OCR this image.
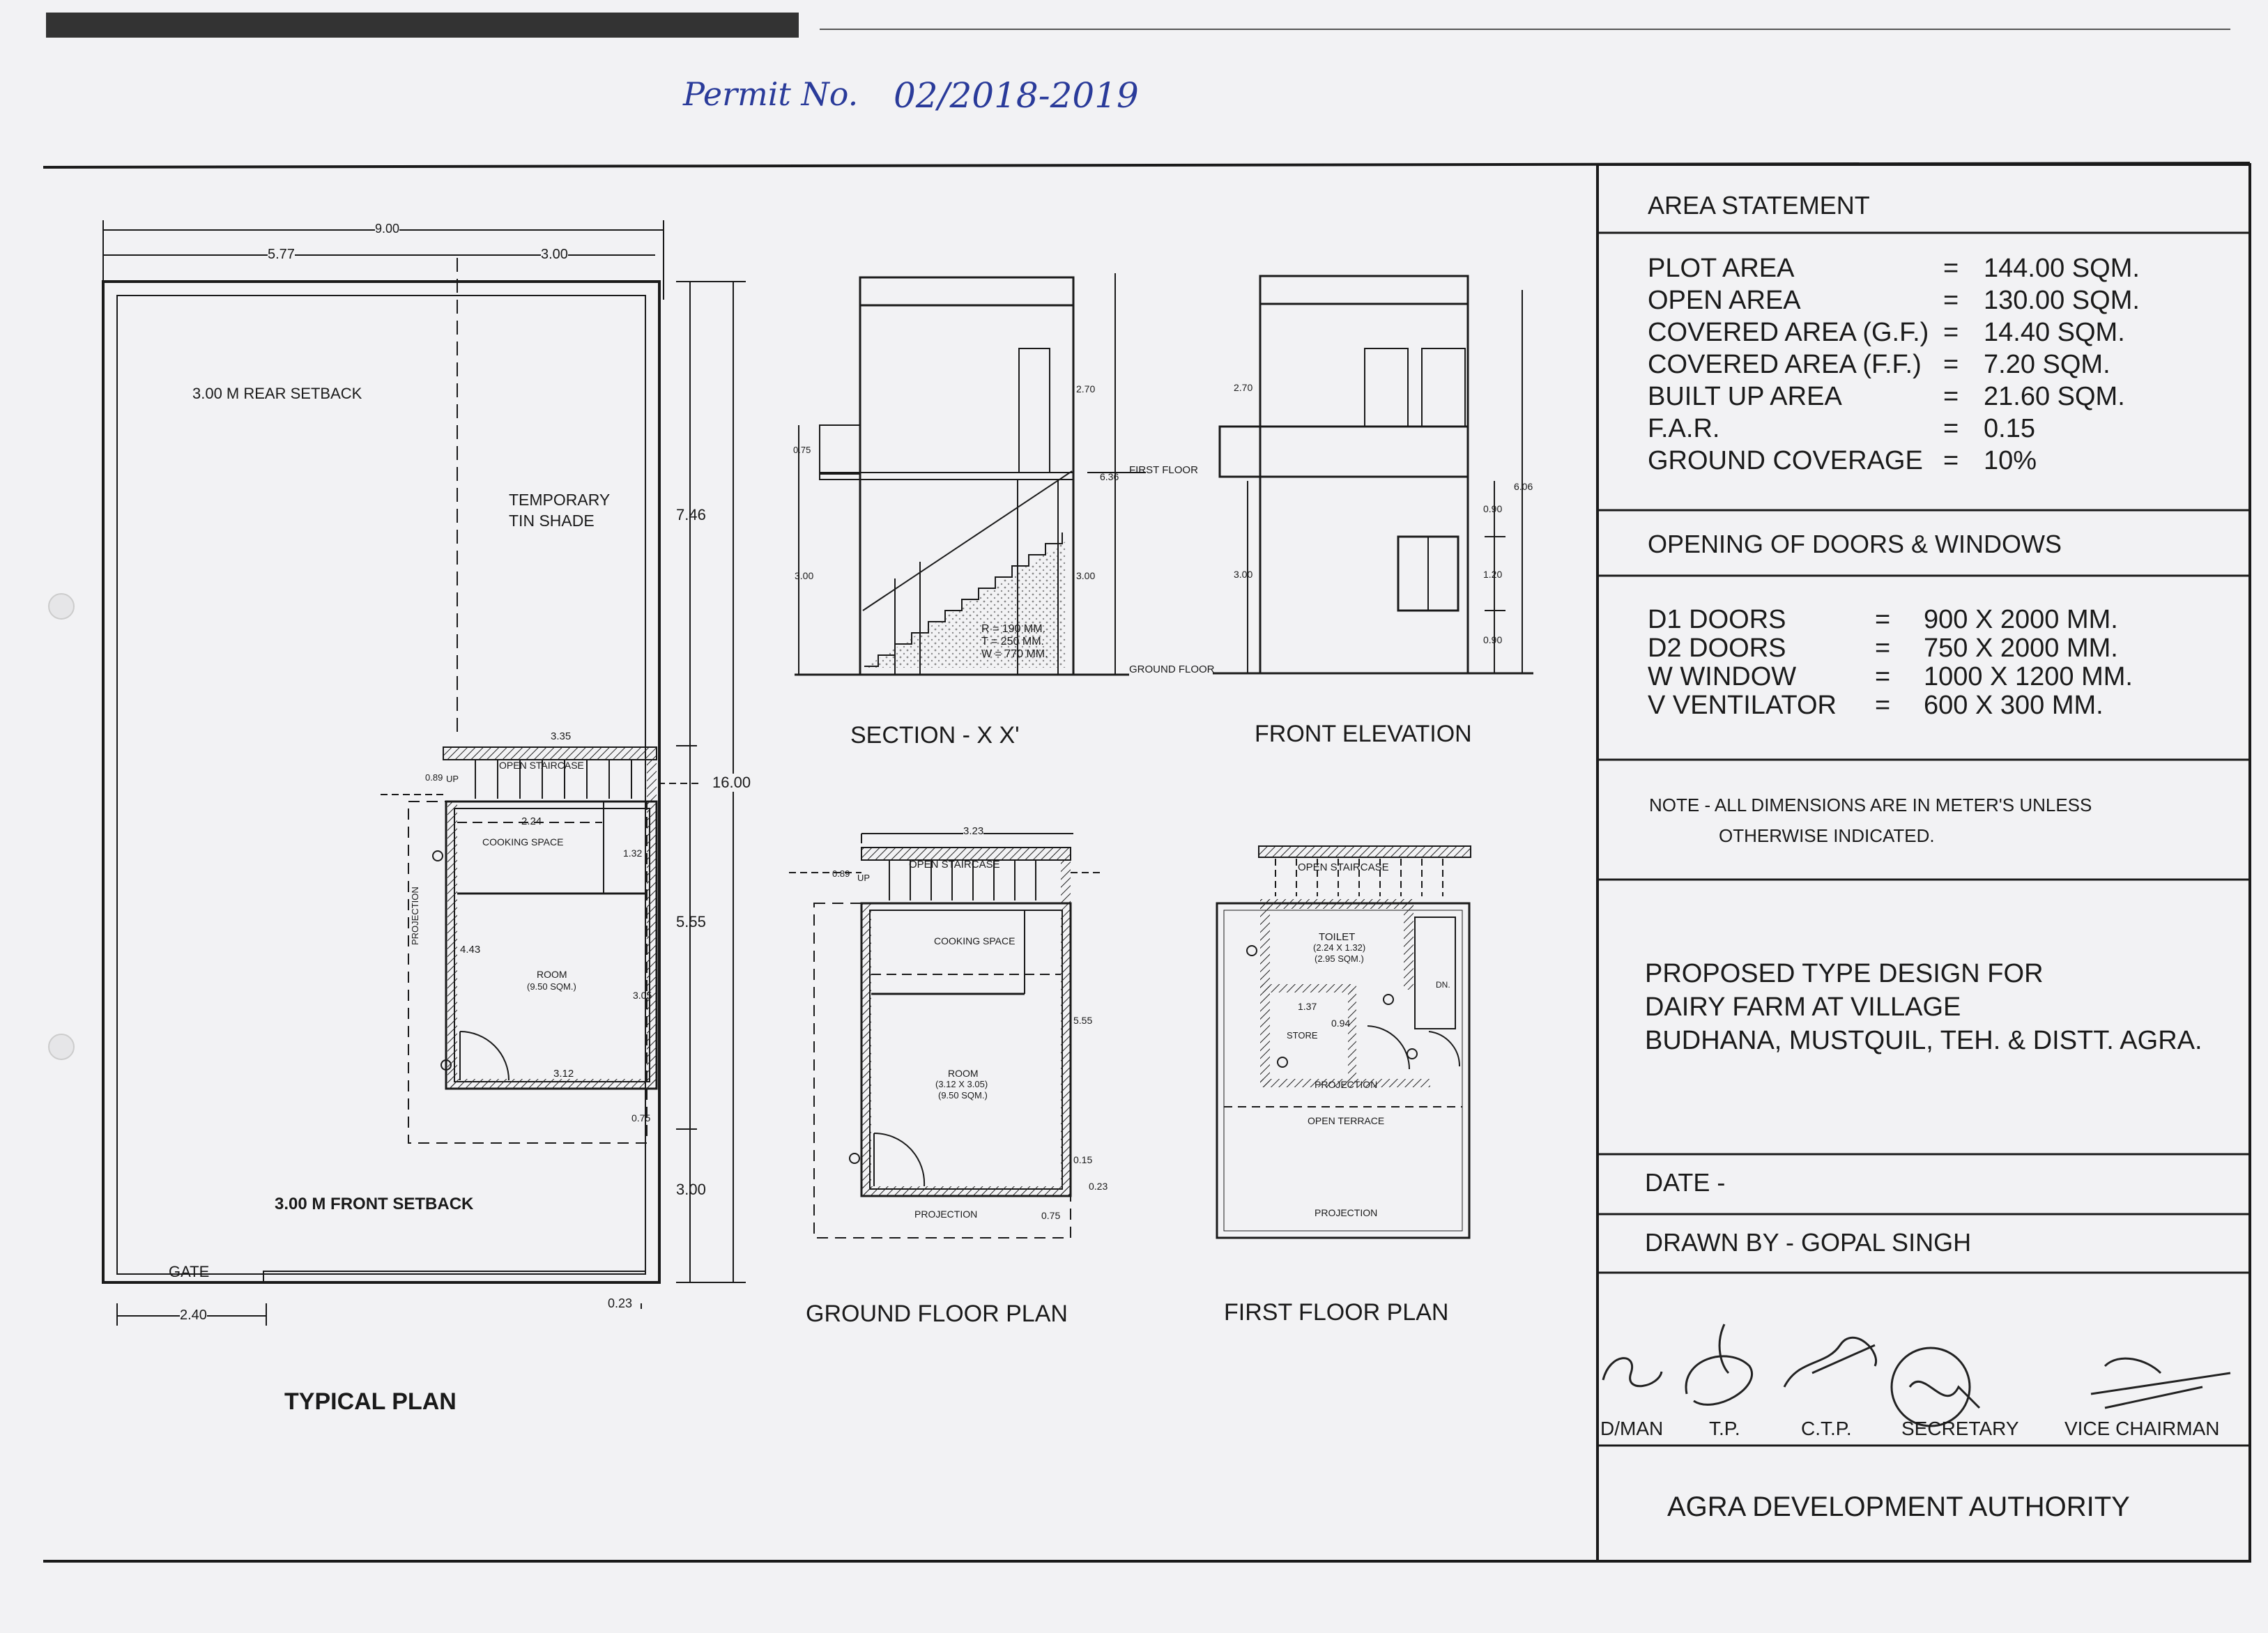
Permit No. 02/2018-2019
3.00 M REAR SETBACK
TEMPORARY
TIN SHADE
3.00 M FRONT SETBACK
GATE
OPEN STAIRCASE
COOKING SPACE
ROOM
(9.50 SQM.)
PROJECTION
UP
TYPICAL PLAN
9.00
5.77	3.00
7.46
16.00
5.55
3.00
2.40
0.23
3.35
2.24
4.43
3.12
3.05
1.32
0.89
0.75
SECTION - X X'
FIRST FLOOR
GROUND FLOOR
R = 190 MM.
T = 250 MM.
W = 770 MM.
2.70
6.36
0.75
3.00	3.00
FRONT ELEVATION
2.70
6.06
0.90
1.20
0.90
3.00
GROUND FLOOR PLAN
OPEN STAIRCASE
COOKING SPACE
ROOM
(3.12 X 3.05)
(9.50 SQM.)
PROJECTION
UP
3.23
0.89
5.55
0.23
0.75
0.15
FIRST FLOOR PLAN
OPEN STAIRCASE
TOILET
(2.24 X 1.32)
(2.95 SQM.)
STORE
PROJECTION
OPEN TERRACE
PROJECTION
DN.
1.37
0.94
AREA STATEMENT
PLOT AREA	= 144.00 SQM.
OPEN AREA	= 130.00 SQM.
COVERED AREA (G.F.) = 14.40 SQM.
COVERED AREA (F.F.) = 7.20 SQM.
BUILT UP AREA	= 21.60 SQM.
F.A.R.	= 0.15
GROUND COVERAGE = 10%
OPENING OF DOORS & WINDOWS
D1 DOORS	= 900 X 2000 MM.
D2 DOORS	= 750 X 2000 MM.
W WINDOW	= 1000 X 1200 MM.
V VENTILATOR = 600 X 300 MM.
NOTE - ALL DIMENSIONS ARE IN METER'S UNLESS
OTHERWISE INDICATED.
PROPOSED TYPE DESIGN FOR
DAIRY FARM AT VILLAGE
BUDHANA, MUSTQUIL, TEH. & DISTT. AGRA.
DATE -
DRAWN BY - GOPAL SINGH
D/MAN T.P.	C.T.P.	SECRETARY VICE CHAIRMAN
AGRA DEVELOPMENT AUTHORITY
